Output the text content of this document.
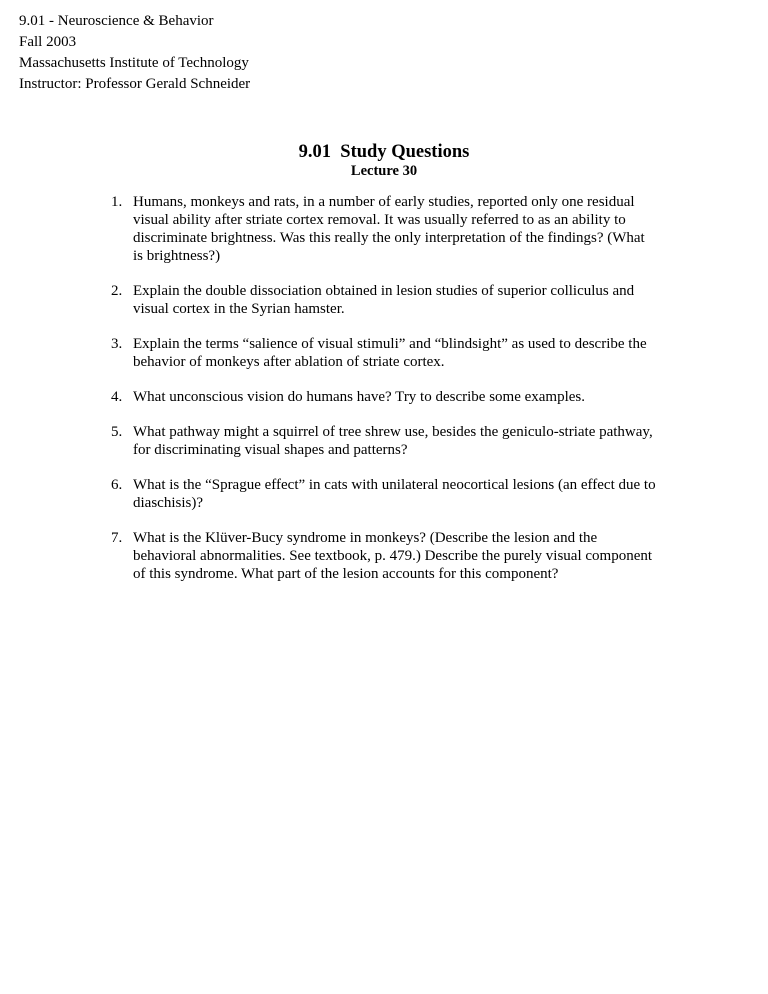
9.01 - Neuroscience & Behavior
Fall 2003
Massachusetts Institute of Technology
Instructor: Professor Gerald Schneider
9.01  Study Questions
Lecture 30
1. Humans, monkeys and rats, in a number of early studies, reported only one residual visual ability after striate cortex removal. It was usually referred to as an ability to discriminate brightness. Was this really the only interpretation of the findings? (What is brightness?)
2. Explain the double dissociation obtained in lesion studies of superior colliculus and visual cortex in the Syrian hamster.
3. Explain the terms “salience of visual stimuli” and “blindsight” as used to describe the behavior of monkeys after ablation of striate cortex.
4. What unconscious vision do humans have? Try to describe some examples.
5. What pathway might a squirrel of tree shrew use, besides the geniculo-striate pathway, for discriminating visual shapes and patterns?
6. What is the “Sprague effect” in cats with unilateral neocortical lesions (an effect due to diaschisis)?
7. What is the Klüver-Bucy syndrome in monkeys? (Describe the lesion and the behavioral abnormalities. See textbook, p. 479.) Describe the purely visual component of this syndrome. What part of the lesion accounts for this component?
